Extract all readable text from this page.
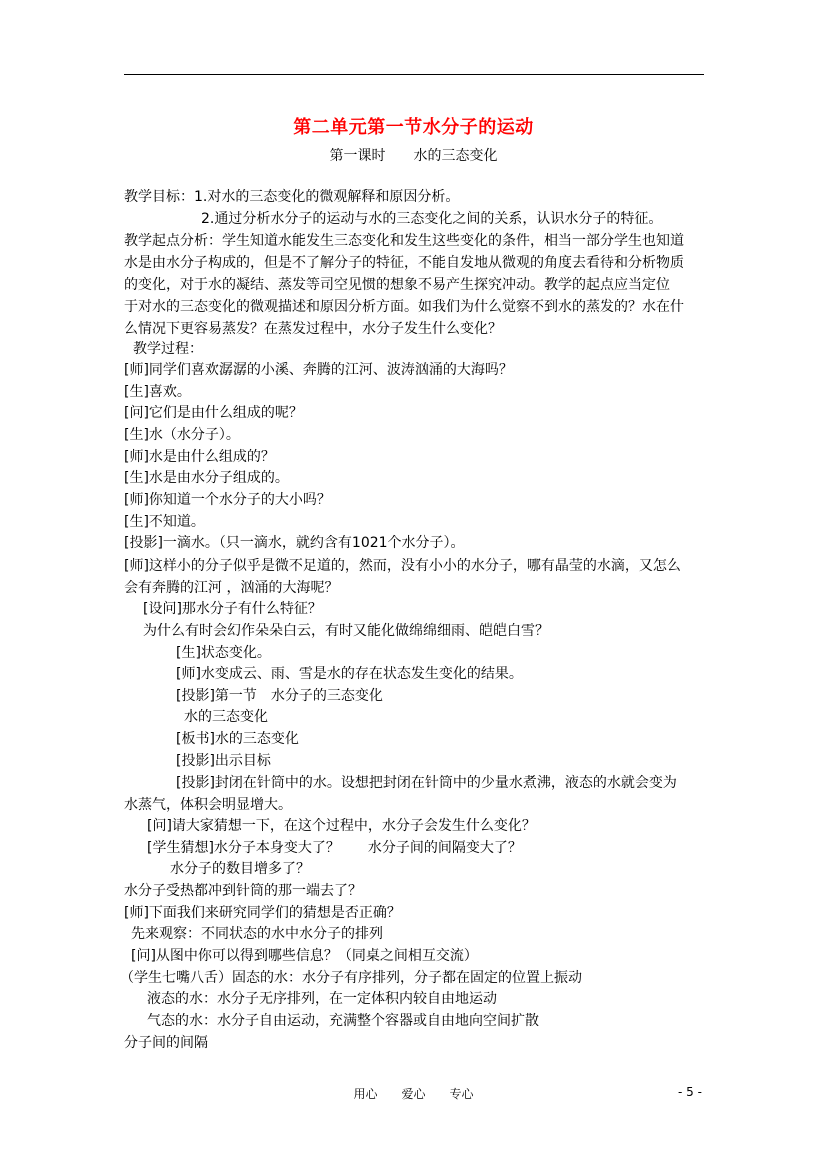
第二单元第一节水分子的运动
第一课时　　水的三态变化
教学目标：1.对水的三态变化的微观解释和原因分析。
2.通过分析水分子的运动与水的三态变化之间的关系，认识水分子的特征。
教学起点分析：学生知道水能发生三态变化和发生这些变化的条件，相当一部分学生也知道
水是由水分子构成的，但是不了解分子的特征，不能自发地从微观的角度去看待和分析物质
的变化，对于水的凝结、蒸发等司空见惯的想象不易产生探究冲动。教学的起点应当定位
于对水的三态变化的微观描述和原因分析方面。如我们为什么觉察不到水的蒸发的？水在什
么情况下更容易蒸发？在蒸发过程中，水分子发生什么变化？
教学过程：
[师]同学们喜欢潺潺的小溪、奔腾的江河、波涛汹涌的大海吗？
[生]喜欢。
[问]它们是由什么组成的呢？
[生]水（水分子）。
[师]水是由什么组成的？
[生]水是由水分子组成的。
[师]你知道一个水分子的大小吗？
[生]不知道。
[投影]一滴水。（只一滴水，就约含有1021个水分子）。
[师]这样小的分子似乎是微不足道的，然而，没有小小的水分子，哪有晶莹的水滴，又怎么
会有奔腾的江河 ，汹涌的大海呢？
[设问]那水分子有什么特征？
为什么有时会幻作朵朵白云，有时又能化做绵绵细雨、皑皑白雪？
[生]状态变化。
[师]水变成云、雨、雪是水的存在状态发生变化的结果。
[投影]第一节　水分子的三态变化
水的三态变化
[板书]水的三态变化
[投影]出示目标
[投影]封闭在针筒中的水。设想把封闭在针筒中的少量水煮沸，液态的水就会变为
水蒸气，体积会明显增大。
[问]请大家猜想一下，在这个过程中，水分子会发生什么变化？
[学生猜想]水分子本身变大了？　　水分子间的间隔变大了？
水分子的数目增多了？
水分子受热都冲到针筒的那一端去了？
[师]下面我们来研究同学们的猜想是否正确？
先来观察：不同状态的水中水分子的排列
[问]从图中你可以得到哪些信息？（同桌之间相互交流）
（学生七嘴八舌）固态的水：水分子有序排列，分子都在固定的位置上振动
液态的水：水分子无序排列，在一定体积内较自由地运动
气态的水：水分子自由运动，充满整个容器或自由地向空间扩散
分子间的间隔
用心　　爱心　　专心	- 5 -
